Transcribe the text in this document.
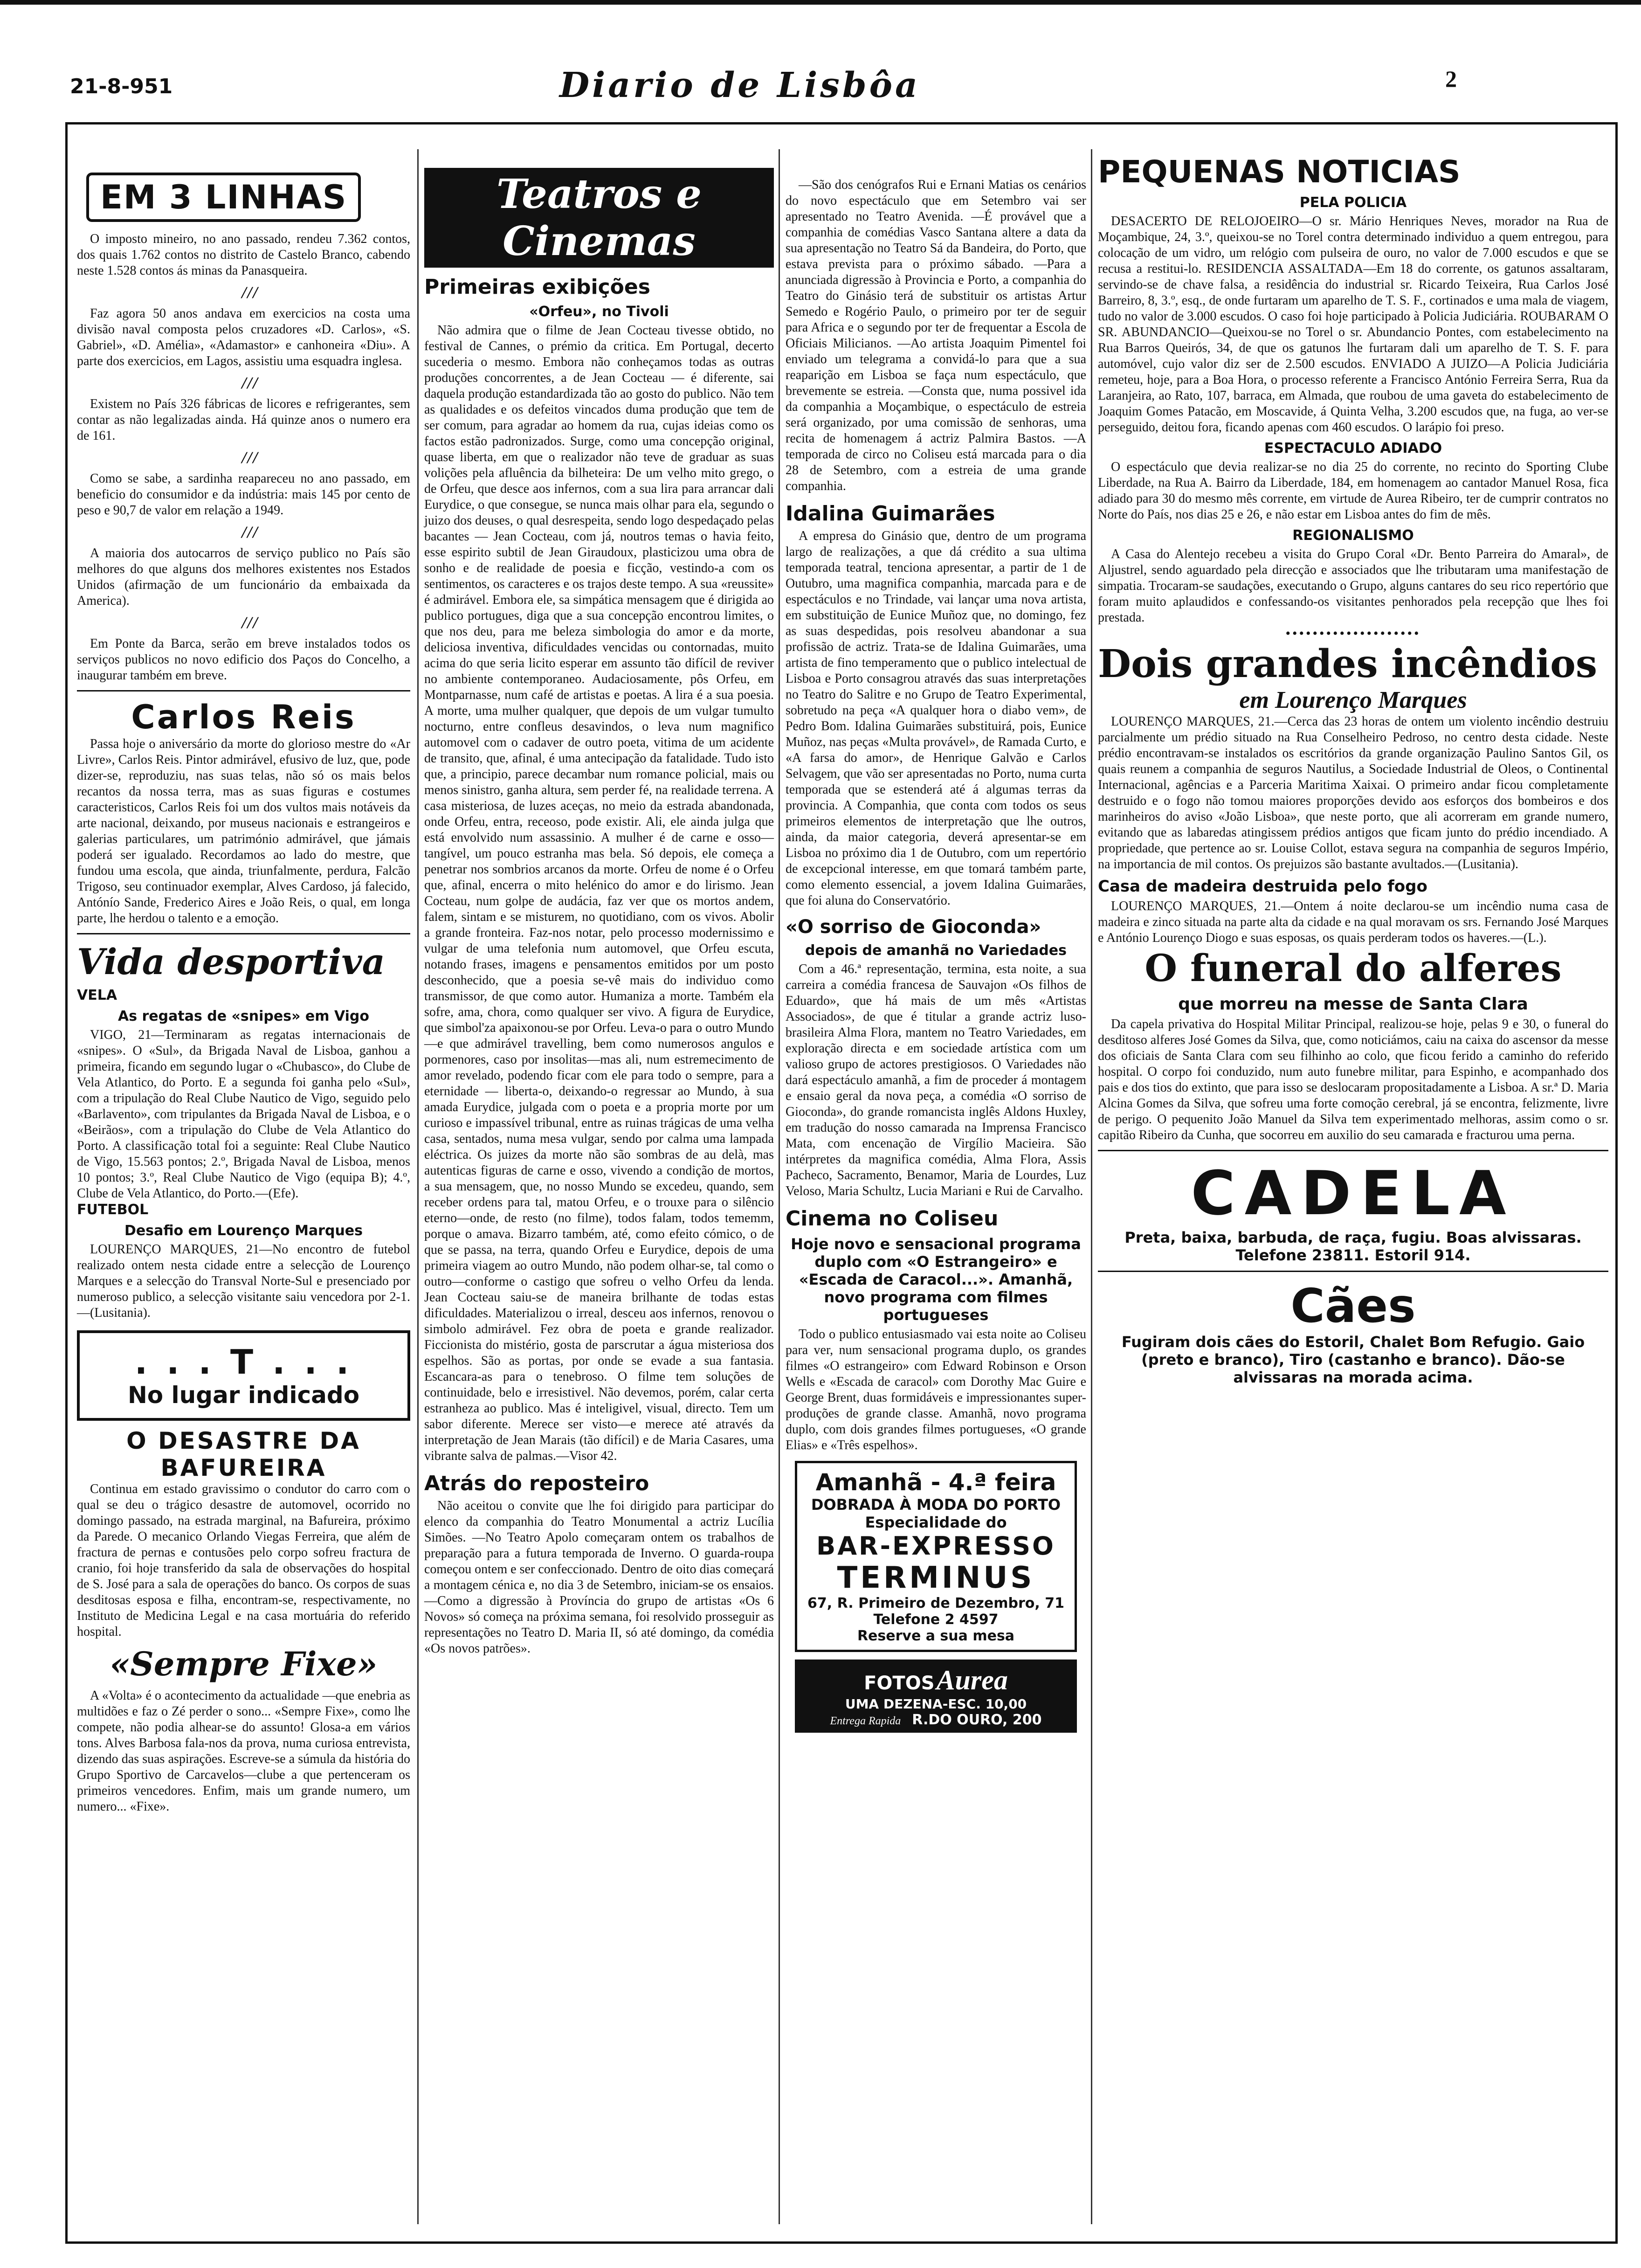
21-8-951	Diario de Lisbôa	2
EM 3 LINHAS

O imposto mineiro, no ano passado, rendeu 7.362 contos, dos quais 1.762 contos no distrito de Castelo Branco, cabendo neste 1.528 contos ás minas da Panasqueira.

///

Faz agora 50 anos andava em exercicios na costa uma divisão naval composta pelos cruzadores «D. Carlos», «S. Gabriel», «D. Amélia», «Adamastor» e canhoneira «Diu». A parte dos exercicios, em Lagos, assistiu uma esquadra inglesa.

///

Existem no País 326 fábricas de licores e refrigerantes, sem contar as não legalizadas ainda. Há quinze anos o numero era de 161.

///

Como se sabe, a sardinha reapareceu no ano passado, em beneficio do consumidor e da indústria: mais 145 por cento de peso e 90,7 de valor em relação a 1949.

///

A maioria dos autocarros de serviço publico no País são melhores do que alguns dos melhores existentes nos Estados Unidos (afirmação de um funcionário da embaixada da America).

///

Em Ponte da Barca, serão em breve instalados todos os serviços publicos no novo edificio dos Paços do Concelho, a inaugurar também em breve.

Carlos Reis

Passa hoje o aniversário da morte do glorioso mestre do «Ar Livre», Carlos Reis. Pintor admirável, efusivo de luz, que, pode dizer-se, reproduziu, nas suas telas, não só os mais belos recantos da nossa terra, mas as suas figuras e costumes caracteristicos, Carlos Reis foi um dos vultos mais notáveis da arte nacional, deixando, por museus nacionais e estrangeiros e galerias particulares, um património admirável, que jámais poderá ser igualado. Recordamos ao lado do mestre, que fundou uma escola, que ainda, triunfalmente, perdura, Falcão Trigoso, seu continuador exemplar, Alves Cardoso, já falecido, Antónío Sande, Frederico Aires e João Reis, o qual, em longa parte, lhe herdou o talento e a emoção.

Vida desportiva
VELA
As regatas de «snipes» em Vigo

VIGO, 21—Terminaram as regatas internacionais de «snipes». O «Sul», da Brigada Naval de Lisboa, ganhou a primeira, ficando em segundo lugar o «Chubasco», do Clube de Vela Atlantico, do Porto. E a segunda foi ganha pelo «Sul», com a tripulação do Real Clube Nautico de Vigo, seguido pelo «Barlavento», com tripulantes da Brigada Naval de Lisboa, e o «Beirãos», com a tripulação do Clube de Vela Atlantico do Porto. A classificação total foi a seguinte: Real Clube Nautico de Vigo, 15.563 pontos; 2.º, Brigada Naval de Lisboa, menos 10 pontos; 3.º, Real Clube Nautico de Vigo (equipa B); 4.º, Clube de Vela Atlantico, do Porto.—(Efe).

FUTEBOL
Desafio em Lourenço Marques

LOURENÇO MARQUES, 21—No encontro de futebol realizado ontem nesta cidade entre a selecção de Lourenço Marques e a selecção do Transval Norte-Sul e presenciado por numeroso publico, a selecção visitante saiu vencedora por 2-1.—(Lusitania).

. . . T . . .
No lugar indicado
O DESASTRE DA BAFUREIRA

Continua em estado gravissimo o condutor do carro com o qual se deu o trágico desastre de automovel, ocorrido no domingo passado, na estrada marginal, na Bafureira, próximo da Parede. O mecanico Orlando Viegas Ferreira, que além de fractura de pernas e contusões pelo corpo sofreu fractura de cranio, foi hoje transferido da sala de observações do hospital de S. José para a sala de operações do banco. Os corpos de suas desditosas esposa e filha, encontram-se, respectivamente, no Instituto de Medicina Legal e na casa mortuária do referido hospital.

«Sempre Fixe»

A «Volta» é o acontecimento da actualidade —que enebria as multidões e faz o Zé perder o sono... «Sempre Fixe», como lhe compete, não podia alhear-se do assunto! Glosa-a em vários tons. Alves Barbosa fala-nos da prova, numa curiosa entrevista, dizendo das suas aspirações. Escreve-se a súmula da história do Grupo Sportivo de Carcavelos—clube a que pertenceram os primeiros vencedores. Enfim, mais um grande numero, um numero... «Fixe».

Teatros e Cinemas
Primeiras exibições
«Orfeu», no Tivoli

Não admira que o filme de Jean Cocteau tivesse obtido, no festival de Cannes, o prémio da critica. Em Portugal, decerto sucederia o mesmo. Embora não conheçamos todas as outras produções concorrentes, a de Jean Cocteau — é diferente, sai daquela produção estandardizada tão ao gosto do publico. Não tem as qualidades e os defeitos vincados duma produção que tem de ser comum, para agradar ao homem da rua, cujas ideias como os factos estão padronizados. Surge, como uma concepção original, quase liberta, em que o realizador não teve de graduar as suas volições pela afluência da bilheteira: De um velho mito grego, o de Orfeu, que desce aos infernos, com a sua lira para arrancar dali Eurydice, o que consegue, se nunca mais olhar para ela, segundo o juizo dos deuses, o qual desrespeita, sendo logo despedaçado pelas bacantes — Jean Cocteau, com já, noutros temas o havia feito, esse espirito subtil de Jean Giraudoux, plasticizou uma obra de sonho e de realidade de poesia e ficção, vestindo-a com os sentimentos, os caracteres e os trajos deste tempo. A sua «reussite» é admirável. Embora ele, sa simpática mensagem que é dirigida ao publico portugues, diga que a sua concepção encontrou limites, o que nos deu, para me beleza simbologia do amor e da morte, deliciosa inventiva, dificuldades vencidas ou contornadas, muito acima do que seria licito esperar em assunto tão difícil de reviver no ambiente contemporaneo. Audaciosamente, pôs Orfeu, em Montparnasse, num café de artistas e poetas. A lira é a sua poesia. A morte, uma mulher qualquer, que depois de um vulgar tumulto nocturno, entre confleus desavindos, o leva num magnifico automovel com o cadaver de outro poeta, vitima de um acidente de transito, que, afinal, é uma antecipação da fatalidade. Tudo isto que, a principio, parece decambar num romance policial, mais ou menos sinistro, ganha altura, sem perder fé, na realidade terrena. A casa misteriosa, de luzes aceças, no meio da estrada abandonada, onde Orfeu, entra, receoso, pode existir. Ali, ele ainda julga que está envolvido num assassinio. A mulher é de carne e osso—tangível, um pouco estranha mas bela. Só depois, ele começa a penetrar nos sombrios arcanos da morte. Orfeu de nome é o Orfeu que, afinal, encerra o mito helénico do amor e do lirismo. Jean Cocteau, num golpe de audácia, faz ver que os mortos andem, falem, sintam e se misturem, no quotidiano, com os vivos. Abolir a grande fronteira. Faz-nos notar, pelo processo modernissimo e vulgar de uma telefonia num automovel, que Orfeu escuta, notando frases, imagens e pensamentos emitidos por um posto desconhecido, que a poesia se-vê mais do individuo como transmissor, de que como autor. Humaniza a morte. Também ela sofre, ama, chora, como qualquer ser vivo. A figura de Eurydice, que simbol'za apaixonou-se por Orfeu. Leva-o para o outro Mundo—e que admirável travelling, bem como numerosos angulos e pormenores, caso por insolitas—mas ali, num estremecimento de amor revelado, podendo ficar com ele para todo o sempre, para a eternidade — liberta-o, deixando-o regressar ao Mundo, à sua amada Eurydice, julgada com o poeta e a propria morte por um curioso e impassível tribunal, entre as ruinas trágicas de uma velha casa, sentados, numa mesa vulgar, sendo por calma uma lampada eléctrica. Os juizes da morte não são sombras de au delà, mas autenticas figuras de carne e osso, vivendo a condição de mortos, a sua mensagem, que, no nosso Mundo se excedeu, quando, sem receber ordens para tal, matou Orfeu, e o trouxe para o silêncio eterno—onde, de resto (no filme), todos falam, todos tememm, porque o amava. Bizarro também, até, como efeito cómico, o de que se passa, na terra, quando Orfeu e Eurydice, depois de uma primeira viagem ao outro Mundo, não podem olhar-se, tal como o outro—conforme o castigo que sofreu o velho Orfeu da lenda. Jean Cocteau saiu-se de maneira brilhante de todas estas dificuldades. Materializou o irreal, desceu aos infernos, renovou o simbolo admirável. Fez obra de poeta e grande realizador. Ficcionista do mistério, gosta de parscrutar a água misteriosa dos espelhos. São as portas, por onde se evade a sua fantasia. Escancara-as para o tenebroso. O filme tem soluções de continuidade, belo e irresistivel. Não devemos, porém, calar certa estranheza ao publico. Mas é inteligivel, visual, directo. Tem um sabor diferente. Merece ser visto—e merece até através da interpretação de Jean Marais (tão difícil) e de Maria Casares, uma vibrante salva de palmas.—Visor 42.

Atrás do reposteiro

Não aceitou o convite que lhe foi dirigido para participar do elenco da companhia do Teatro Monumental a actriz Lucília Simões. —No Teatro Apolo começaram ontem os trabalhos de preparação para a futura temporada de Inverno. O guarda-roupa começou ontem e ser confeccionado. Dentro de oito dias começará a montagem cénica e, no dia 3 de Setembro, iniciam-se os ensaios. —Como a digressão à Província do grupo de artistas «Os 6 Novos» só começa na próxima semana, foi resolvido prosseguir as representações no Teatro D. Maria II, só até domingo, da comédia «Os novos patrões».

—São dos cenógrafos Rui e Ernani Matias os cenários do novo espectáculo que em Setembro vai ser apresentado no Teatro Avenida. —É provável que a companhia de comédias Vasco Santana altere a data da sua apresentação no Teatro Sá da Bandeira, do Porto, que estava prevista para o próximo sábado. —Para a anunciada digressão à Provincia e Porto, a companhia do Teatro do Ginásio terá de substituir os artistas Artur Semedo e Rogério Paulo, o primeiro por ter de seguir para Africa e o segundo por ter de frequentar a Escola de Oficiais Milicianos. —Ao artista Joaquim Pimentel foi enviado um telegrama a convidá-lo para que a sua reaparição em Lisboa se faça num espectáculo, que brevemente se estreia. —Consta que, numa possivel ida da companhia a Moçambique, o espectáculo de estreia será organizado, por uma comissão de senhoras, uma recita de homenagem á actriz Palmira Bastos. —A temporada de circo no Coliseu está marcada para o dia 28 de Setembro, com a estreia de uma grande companhia.

Idalina Guimarães

A empresa do Ginásio que, dentro de um programa largo de realizações, a que dá crédito a sua ultima temporada teatral, tenciona apresentar, a partir de 1 de Outubro, uma magnifica companhia, marcada para e de espectáculos e no Trindade, vai lançar uma nova artista, em substituição de Eunice Muñoz que, no domingo, fez as suas despedidas, pois resolveu abandonar a sua profissão de actriz. Trata-se de Idalina Guimarães, uma artista de fino temperamento que o publico intelectual de Lisboa e Porto consagrou através das suas interpretações no Teatro do Salitre e no Grupo de Teatro Experimental, sobretudo na peça «A qualquer hora o diabo vem», de Pedro Bom. Idalina Guimarães substituirá, pois, Eunice Muñoz, nas peças «Multa provável», de Ramada Curto, e «A farsa do amor», de Henrique Galvão e Carlos Selvagem, que vão ser apresentadas no Porto, numa curta temporada que se estenderá até á algumas terras da provincia. A Companhia, que conta com todos os seus primeiros elementos de interpretação que lhe outros, ainda, da maior categoria, deverá apresentar-se em Lisboa no próximo dia 1 de Outubro, com um repertório de excepcional interesse, em que tomará também parte, como elemento essencial, a jovem Idalina Guimarães, que foi aluna do Conservatório.

«O sorriso de Gioconda»
depois de amanhã no Variedades

Com a 46.ª representação, termina, esta noite, a sua carreira a comédia francesa de Sauvajon «Os filhos de Eduardo», que há mais de um mês «Artistas Associados», de que é titular a grande actriz luso-brasileira Alma Flora, mantem no Teatro Variedades, em exploração directa e em sociedade artística com um valioso grupo de actores prestigiosos. O Variedades não dará espectáculo amanhã, a fim de proceder á montagem e ensaio geral da nova peça, a comédia «O sorriso de Gioconda», do grande romancista inglês Aldons Huxley, em tradução do nosso camarada na Imprensa Francisco Mata, com encenação de Virgílio Macieira. São intérpretes da magnifica comédia, Alma Flora, Assis Pacheco, Sacramento, Benamor, Maria de Lourdes, Luz Veloso, Maria Schultz, Lucia Mariani e Rui de Carvalho.

Cinema no Coliseu
Hoje novo e sensacional programa duplo com «O Estrangeiro» e «Escada de Caracol...». Amanhã, novo programa com filmes portugueses

Todo o publico entusiasmado vai esta noite ao Coliseu para ver, num sensacional programa duplo, os grandes filmes «O estrangeiro» com Edward Robinson e Orson Wells e «Escada de caracol» com Dorothy Mac Guire e George Brent, duas formidáveis e impressionantes super-produções de grande classe. Amanhã, novo programa duplo, com dois grandes filmes portugueses, «O grande Elias» e «Três espelhos».

Amanhã - 4.ª feira
DOBRADA À MODA DO PORTO
Especialidade do
BAR-EXPRESSO
TERMINUS
67, R. Primeiro de Dezembro, 71
Telefone 2 4597
Reserve a sua mesa
FOTOS Aurea
UMA DEZENA-ESC. 10,00
Entrega Rapida R.DO OURO, 200
PEQUENAS NOTICIAS
PELA POLICIA

DESACERTO DE RELOJOEIRO—O sr. Mário Henriques Neves, morador na Rua de Moçambique, 24, 3.º, queixou-se no Torel contra determinado individuo a quem entregou, para colocação de um vidro, um relógio com pulseira de ouro, no valor de 7.000 escudos e que se recusa a restitui-lo. RESIDENCIA ASSALTADA—Em 18 do corrente, os gatunos assaltaram, servindo-se de chave falsa, a residência do industrial sr. Ricardo Teixeira, Rua Carlos José Barreiro, 8, 3.º, esq., de onde furtaram um aparelho de T. S. F., cortinados e uma mala de viagem, tudo no valor de 3.000 escudos. O caso foi hoje participado à Policia Judiciária. ROUBARAM O SR. ABUNDANCIO—Queixou-se no Torel o sr. Abundancio Pontes, com estabelecimento na Rua Barros Queirós, 34, de que os gatunos lhe furtaram dali um aparelho de T. S. F. para automóvel, cujo valor diz ser de 2.500 escudos. ENVIADO A JUIZO—A Policia Judiciária remeteu, hoje, para a Boa Hora, o processo referente a Francisco António Ferreira Serra, Rua da Laranjeira, ao Rato, 107, barraca, em Almada, que roubou de uma gaveta do estabelecimento de Joaquim Gomes Patacão, em Moscavide, á Quinta Velha, 3.200 escudos que, na fuga, ao ver-se perseguido, deitou fora, ficando apenas com 460 escudos. O larápio foi preso.

ESPECTACULO ADIADO

O espectáculo que devia realizar-se no dia 25 do corrente, no recinto do Sporting Clube Liberdade, na Rua A. Bairro da Liberdade, 184, em homenagem ao cantador Manuel Rosa, fica adiado para 30 do mesmo mês corrente, em virtude de Aurea Ribeiro, ter de cumprir contratos no Norte do País, nos dias 25 e 26, e não estar em Lisboa antes do fim de mês.

REGIONALISMO

A Casa do Alentejo recebeu a visita do Grupo Coral «Dr. Bento Parreira do Amaral», de Aljustrel, sendo aguardado pela direcção e associados que lhe tributaram uma manifestação de simpatia. Trocaram-se saudações, executando o Grupo, alguns cantares do seu rico repertório que foram muito aplaudidos e confessando-os visitantes penhorados pela recepção que lhes foi prestada.

••••••••••••••••••••
Dois grandes incêndios
em Lourenço Marques

LOURENÇO MARQUES, 21.—Cerca das 23 horas de ontem um violento incêndio destruiu parcialmente um prédio situado na Rua Conselheiro Pedroso, no centro desta cidade. Neste prédio encontravam-se instalados os escritórios da grande organização Paulino Santos Gil, os quais reunem a companhia de seguros Nautilus, a Sociedade Industrial de Oleos, o Continental Internacional, agências e a Parceria Maritima Xaixai. O primeiro andar ficou completamente destruido e o fogo não tomou maiores proporções devido aos esforços dos bombeiros e dos marinheiros do aviso «João Lisboa», que neste porto, que ali acorreram em grande numero, evitando que as labaredas atingissem prédios antigos que ficam junto do prédio incendiado. A propriedade, que pertence ao sr. Louise Collot, estava segura na companhia de seguros Império, na importancia de mil contos. Os prejuizos são bastante avultados.—(Lusitania).

Casa de madeira destruida pelo fogo

LOURENÇO MARQUES, 21.—Ontem á noite declarou-se um incêndio numa casa de madeira e zinco situada na parte alta da cidade e na qual moravam os srs. Fernando José Marques e António Lourenço Diogo e suas esposas, os quais perderam todos os haveres.—(L.).

O funeral do alferes
que morreu na messe de Santa Clara

Da capela privativa do Hospital Militar Principal, realizou-se hoje, pelas 9 e 30, o funeral do desditoso alferes José Gomes da Silva, que, como noticiámos, caiu na caixa do ascensor da messe dos oficiais de Santa Clara com seu filhinho ao colo, que ficou ferido a caminho do referido hospital. O corpo foi conduzido, num auto funebre militar, para Espinho, e acompanhado dos pais e dos tios do extinto, que para isso se deslocaram propositadamente a Lisboa. A sr.ª D. Maria Alcina Gomes da Silva, que sofreu uma forte comoção cerebral, já se encontra, felizmente, livre de perigo. O pequenito João Manuel da Silva tem experimentado melhoras, assim como o sr. capitão Ribeiro da Cunha, que socorreu em auxilio do seu camarada e fracturou uma perna.

CADELA

Preta, baixa, barbuda, de raça, fugiu. Boas alvissaras. Telefone 23811. Estoril 914.

Cães

Fugiram dois cães do Estoril, Chalet Bom Refugio. Gaio (preto e branco), Tiro (castanho e branco). Dão-se alvissaras na morada acima.
